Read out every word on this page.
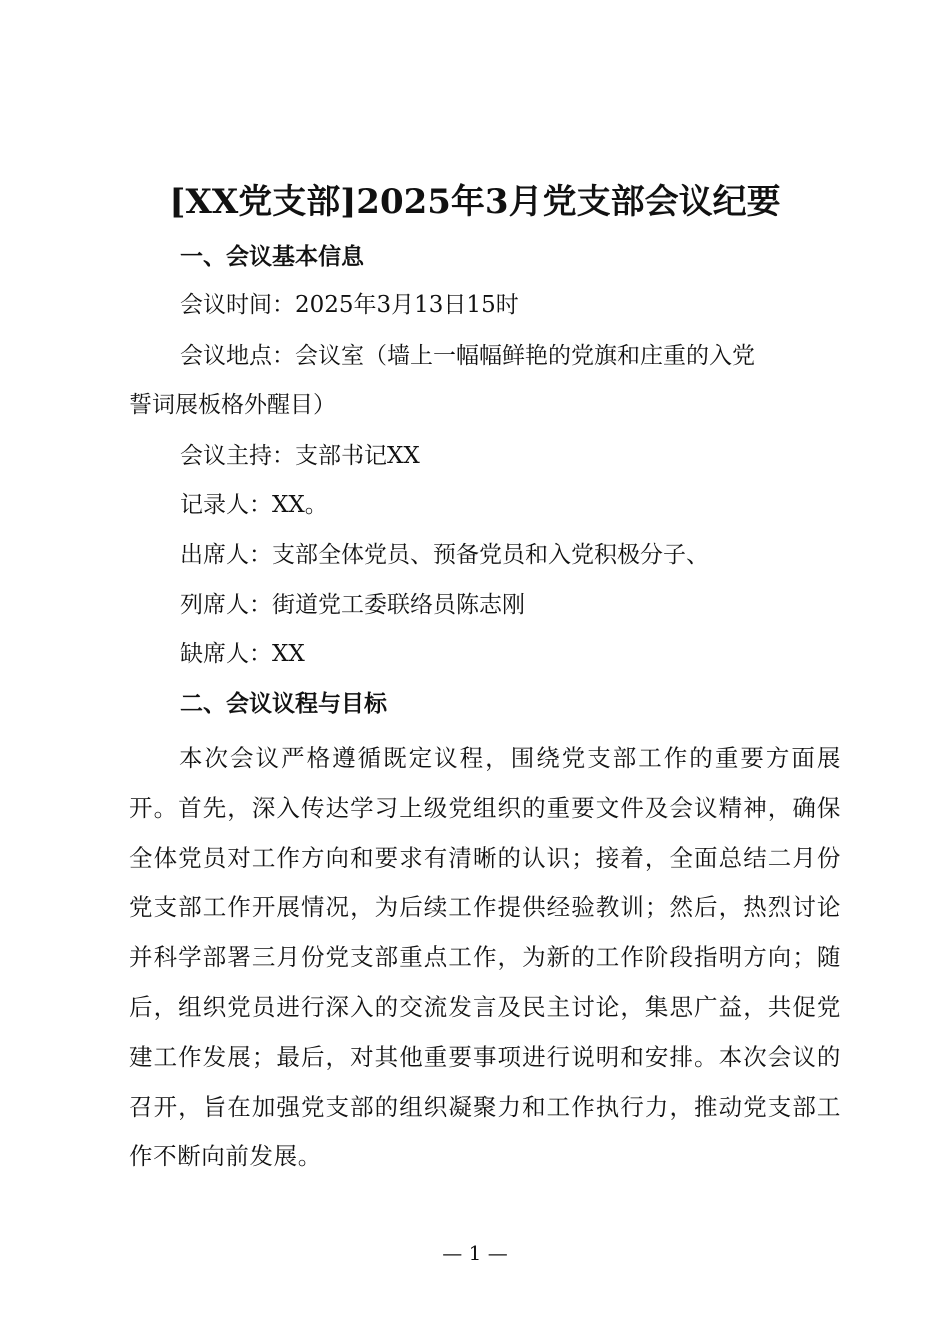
[XX党支部]2025年3月党支部会议纪要
一、会议基本信息
会议时间：2025年3月13日15时
会议地点：会议室（墙上一幅幅鲜艳的党旗和庄重的入党
誓词展板格外醒目）
会议主持：支部书记XX
记录人：XX。
出席人：支部全体党员、预备党员和入党积极分子、
列席人：街道党工委联络员陈志刚
缺席人：XX
二、会议议程与目标
本次会议严格遵循既定议程，围绕党支部工作的重要方面展开。首先，深入传达学习上级党组织的重要文件及会议精神，确保全体党员对工作方向和要求有清晰的认识；接着，全面总结二月份党支部工作开展情况，为后续工作提供经验教训；然后，热烈讨论并科学部署三月份党支部重点工作，为新的工作阶段指明方向；随后，组织党员进行深入的交流发言及民主讨论，集思广益，共促党建工作发展；最后，对其他重要事项进行说明和安排。本次会议的召开，旨在加强党支部的组织凝聚力和工作执行力，推动党支部工作不断向前发展。
— 1 —
